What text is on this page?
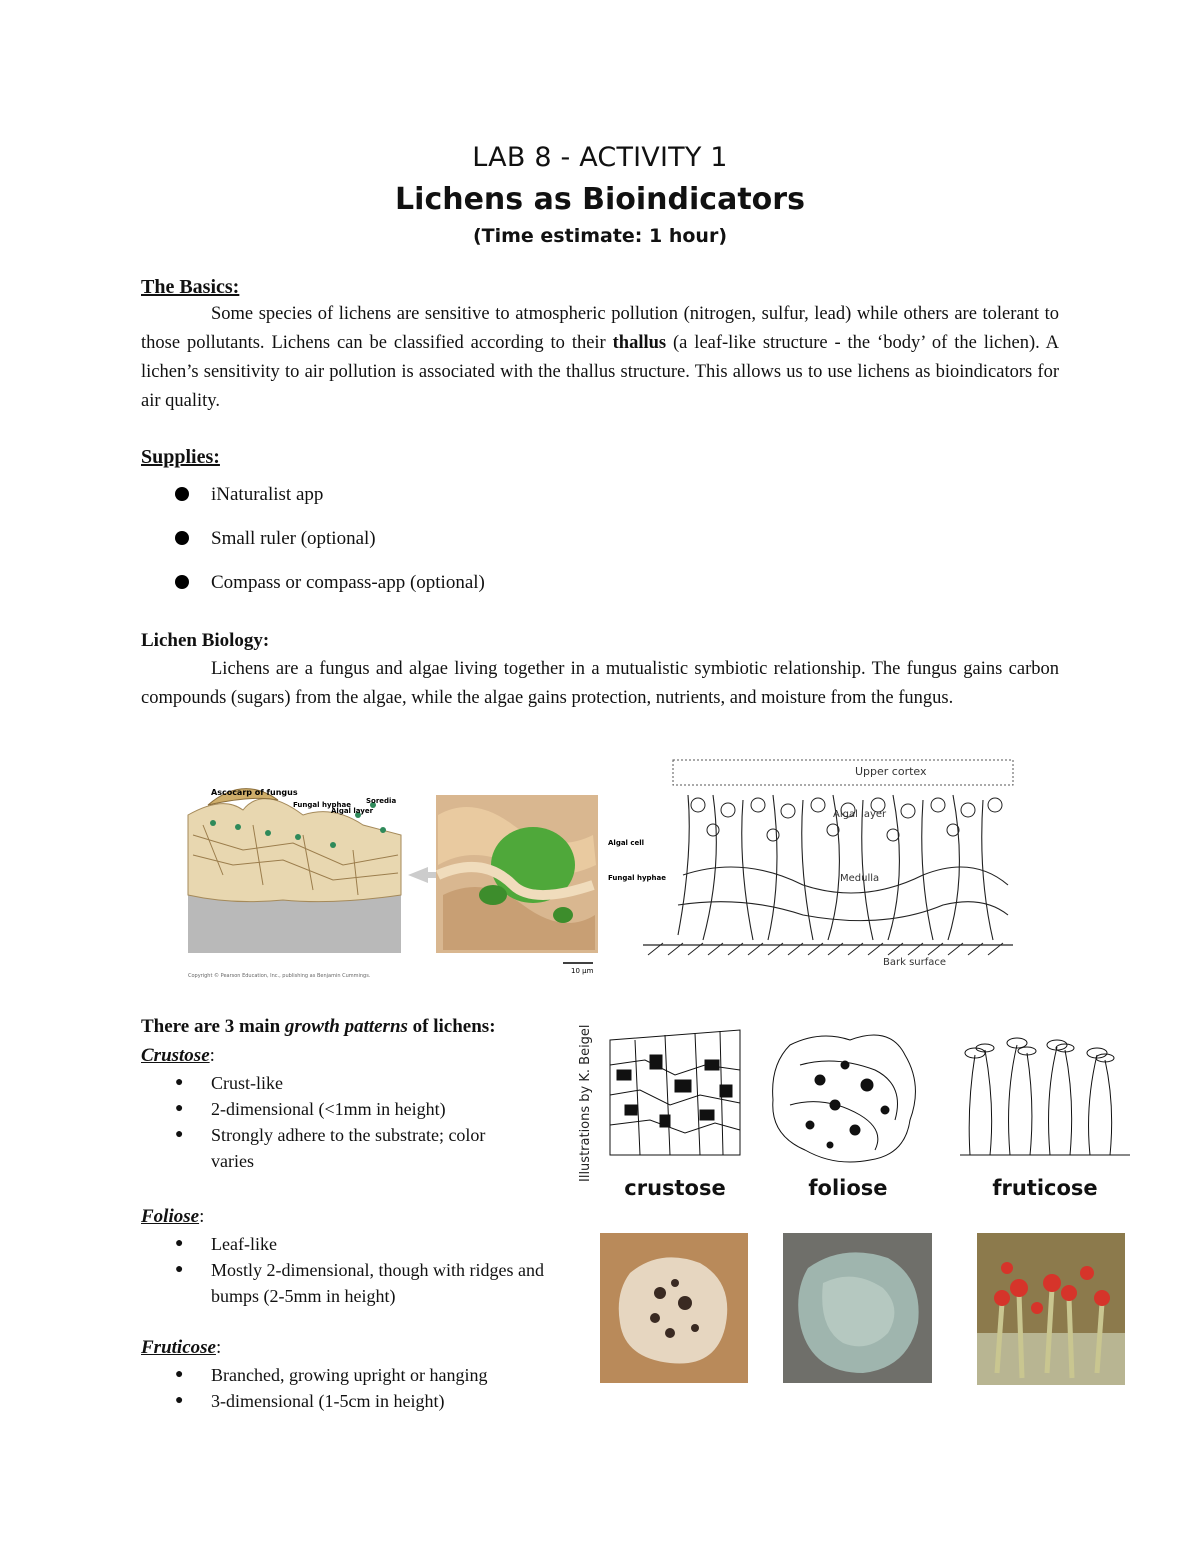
LAB 8 - ACTIVITY 1
Lichens as Bioindicators
(Time estimate: 1 hour)
The Basics:
Some species of lichens are sensitive to atmospheric pollution (nitrogen, sulfur, lead) while others are tolerant to those pollutants. Lichens can be classified according to their thallus (a leaf-like structure - the ‘body’ of the lichen). A lichen’s sensitivity to air pollution is associated with the thallus structure. This allows us to use lichens as bioindicators for air quality.
Supplies:
iNaturalist app
Small ruler (optional)
Compass or compass-app (optional)
Lichen Biology:
Lichens are a fungus and algae living together in a mutualistic symbiotic relationship. The fungus gains carbon compounds (sugars) from the algae, while the algae gains protection, nutrients, and moisture from the fungus.
Ascocarp of fungus
Fungal hyphae
Algal layer
Soredia
Copyright © Pearson Education, Inc., publishing as Benjamin Cummings.
Algal cell
Fungal hyphae
10 μm
Upper cortex
Algal layer
Medulla
Bark surface
There are 3 main growth patterns of lichens:
Crustose:
● Crust-like
● 2-dimensional (<1mm in height)
● Strongly adhere to the substrate; color varies
Foliose:
● Leaf-like
● Mostly 2-dimensional, though with ridges and bumps (2-5mm in height)
Fruticose:
● Branched, growing upright or hanging
● 3-dimensional (1-5cm in height)
Illustrations by K. Beigel
crustose	foliose	fruticose
